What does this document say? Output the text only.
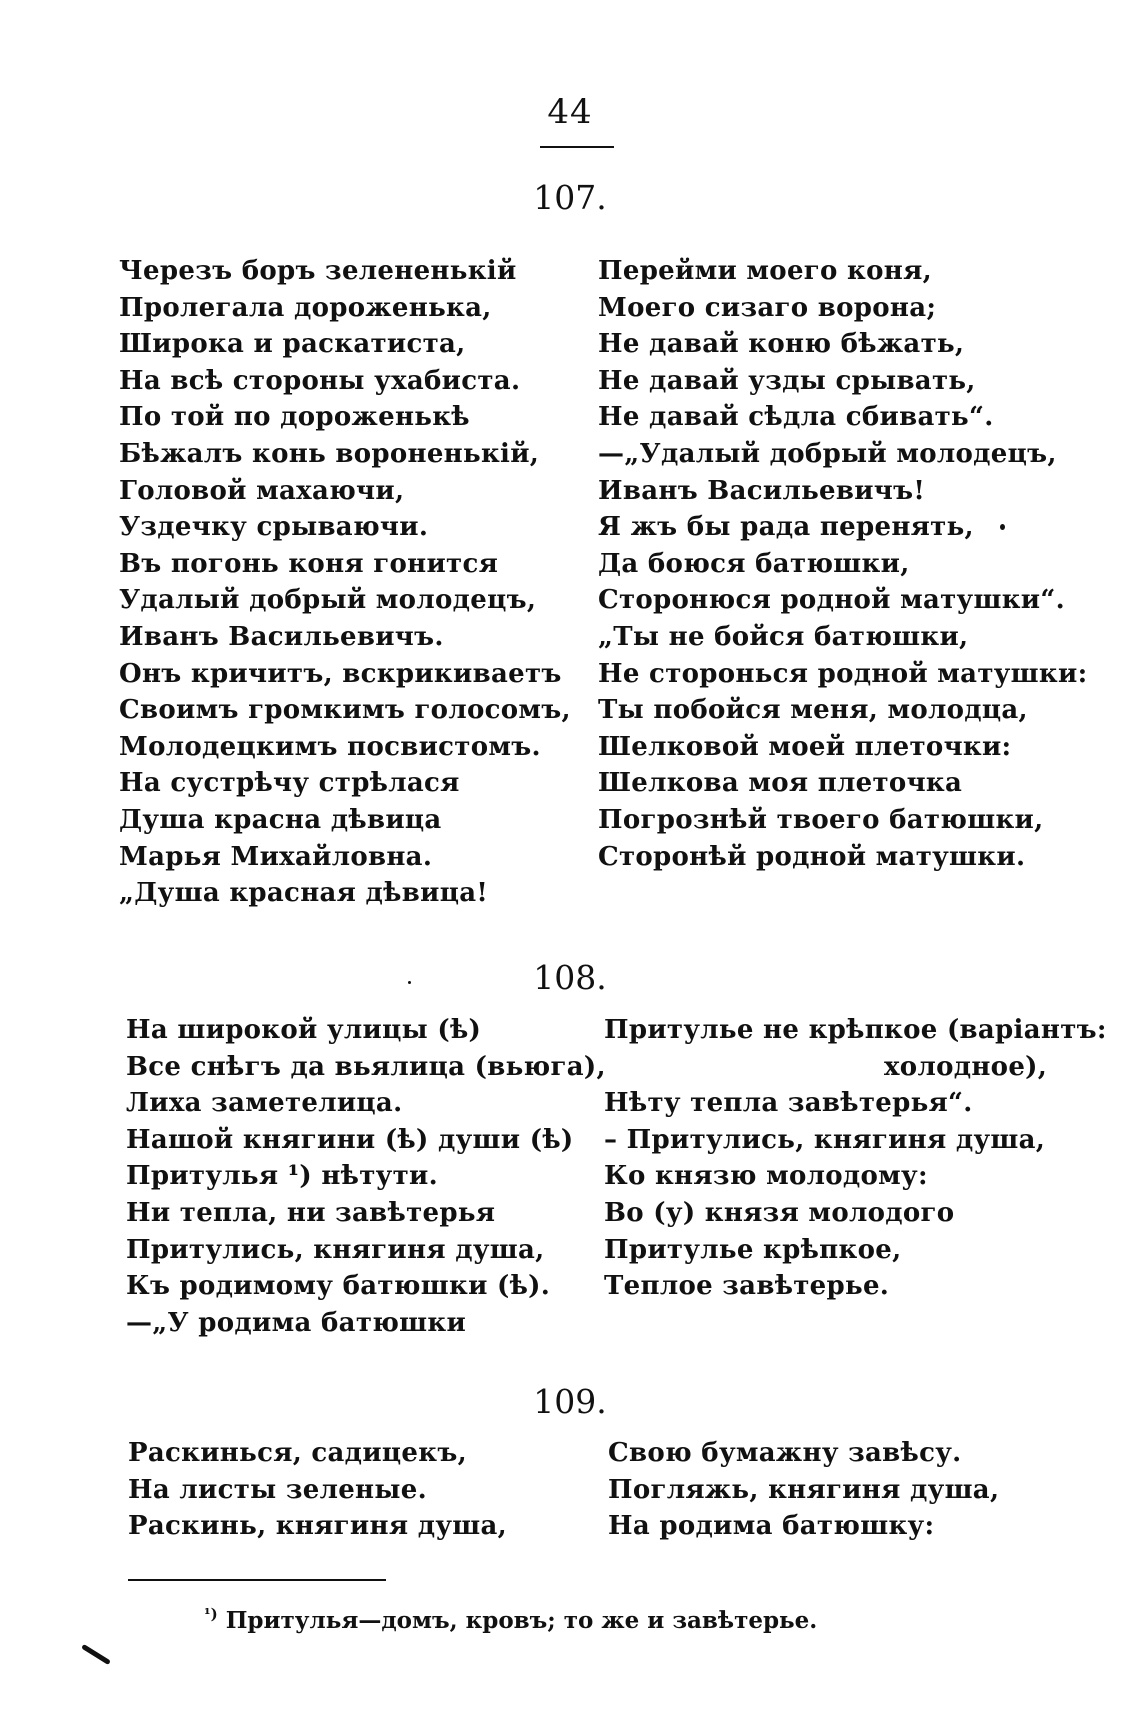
44
107.
Черезъ боръ зелененькій
Пролегала дороженька,
Широка и раскатиста,
На всѣ стороны ухабиста.
По той по дороженькѣ
Бѣжалъ конь вороненькій,
Головой махаючи,
Уздечку срываючи.
Въ погонь коня гонится
Удалый добрый молодецъ,
Иванъ Васильевичъ.
Онъ кричитъ, вскрикиваетъ
Своимъ громкимъ голосомъ,
Молодецкимъ посвистомъ.
На сустрѣчу стрѣлася
Душа красна дѣвица
Марья Михайловна.
„Душа красная дѣвица!
Перейми моего коня,
Моего сизаго ворона;
Не давай коню бѣжать,
Не давай узды срывать,
Не давай сѣдла сбивать“.
—„Удалый добрый молодецъ,
Иванъ Васильевичъ!
Я жъ бы рада перенять,
Да боюся батюшки,
Сторонюся родной матушки“.
„Ты не бойся батюшки,
Не сторонься родной матушки:
Ты побойся меня, молодца,
Шелковой моей плеточки:
Шелкова моя плеточка
Погрознѣй твоего батюшки,
Сторонѣй родной матушки.
108.
На широкой улицы (ѣ)
Все снѣгъ да вьялица (вьюга),
Лиха заметелица.
Нашой княгини (ѣ) души (ѣ)
Притулья ¹) нѣтути.
Ни тепла, ни завѣтерья
Притулись, княгиня душа,
Къ родимому батюшки (ѣ).
—„У родима батюшки
Притулье не крѣпкое (варіантъ:
холодное),
Нѣту тепла завѣтерья“.
– Притулись, княгиня душа,
Ко князю молодому:
Во (у) князя молодого
Притулье крѣпкое,
Теплое завѣтерье.
109.
Раскинься, садицекъ,
На листы зеленые.
Раскинь, княгиня душа,
Свою бумажну завѣсу.
Погляжь, княгиня душа,
На родима батюшку:
$^{^1)}$ Притулья—домъ, кровъ; то же и завѣтерье.
